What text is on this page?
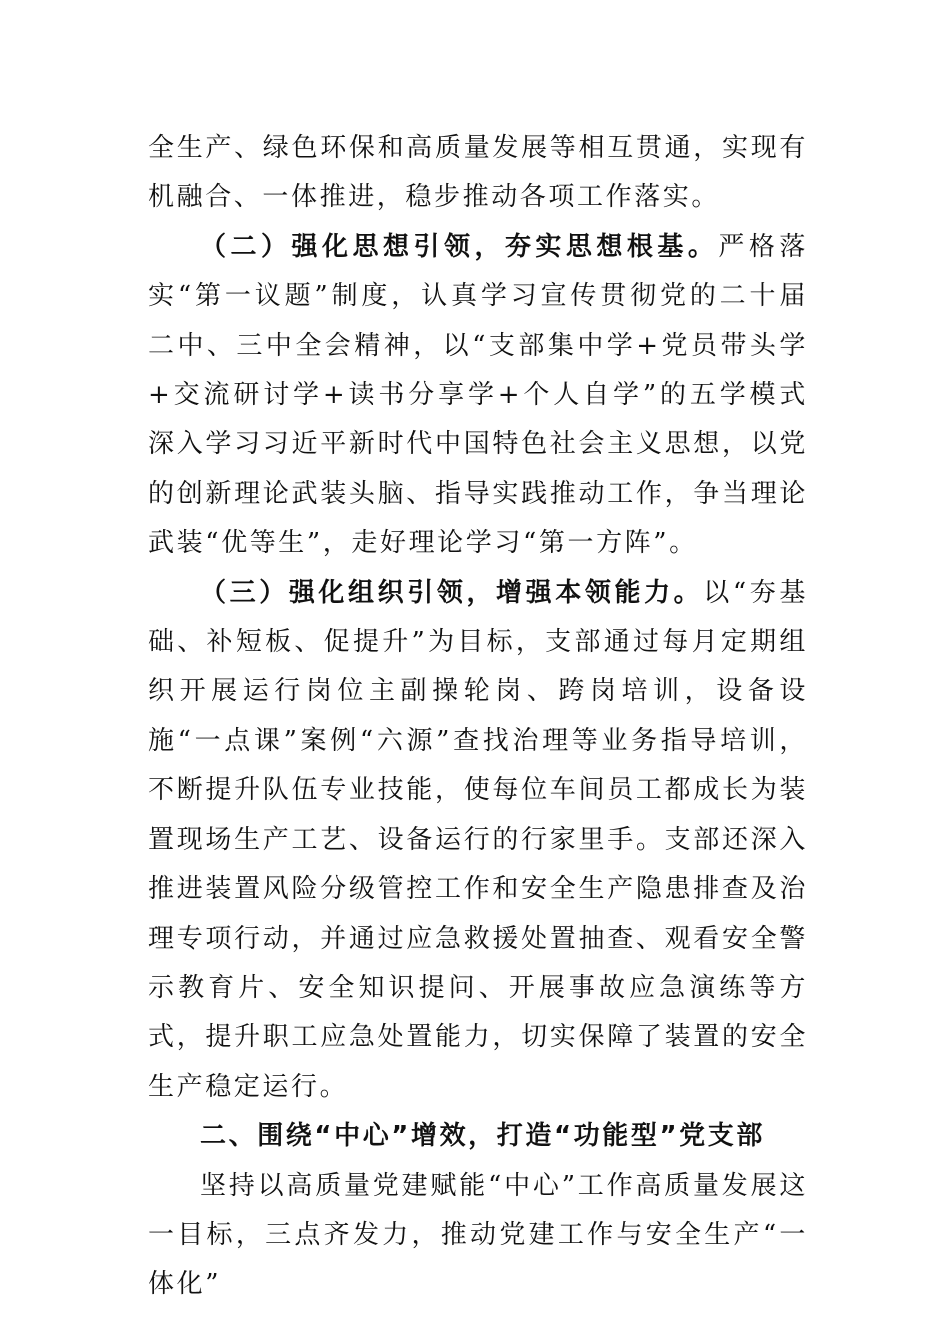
全生产、绿色环保和高质量发展等相互贯通，实现有机融合、一体推进，稳步推动各项工作落实。

（二）强化思想引领，夯实思想根基。严格落实“第一议题”制度，认真学习宣传贯彻党的二十届二中、三中全会精神，以“支部集中学+党员带头学+交流研讨学+读书分享学+个人自学”的五学模式深入学习习近平新时代中国特色社会主义思想，以党的创新理论武装头脑、指导实践推动工作，争当理论武装“优等生”，走好理论学习“第一方阵”。

（三）强化组织引领，增强本领能力。以“夯基础、补短板、促提升”为目标，支部通过每月定期组织开展运行岗位主副操轮岗、跨岗培训，设备设施“一点课”案例“六源”查找治理等业务指导培训，不断提升队伍专业技能，使每位车间员工都成长为装置现场生产工艺、设备运行的行家里手。支部还深入推进装置风险分级管控工作和安全生产隐患排查及治理专项行动，并通过应急救援处置抽查、观看安全警示教育片、安全知识提问、开展事故应急演练等方式，提升职工应急处置能力，切实保障了装置的安全生产稳定运行。

二、围绕“中心”增效，打造“功能型”党支部

坚持以高质量党建赋能“中心”工作高质量发展这一目标，三点齐发力，推动党建工作与安全生产“一体化”
